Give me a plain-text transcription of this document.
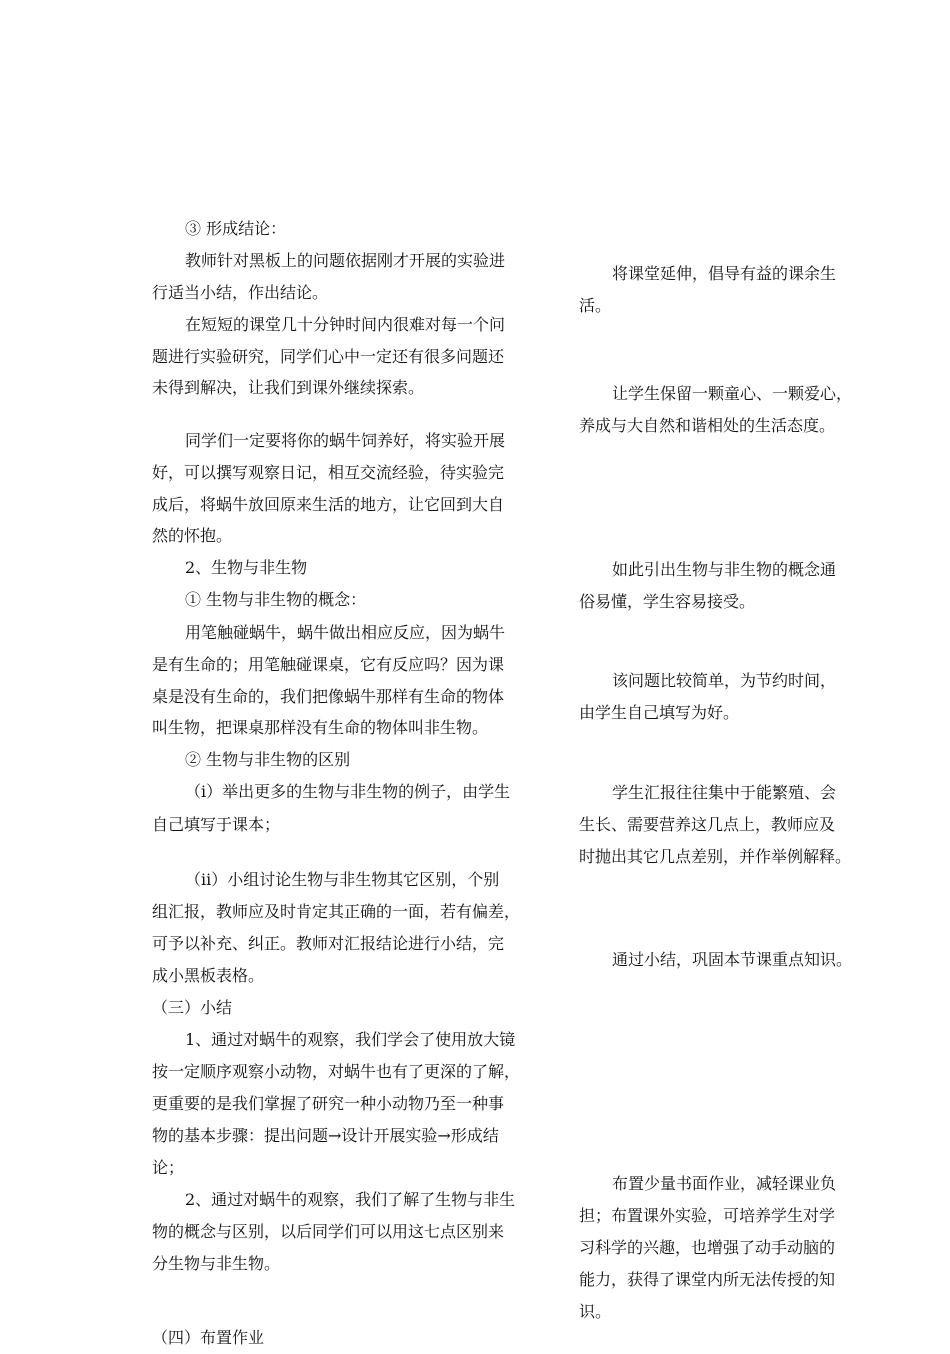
③ 形成结论：

教师针对黑板上的问题依据刚才开展的实验进

行适当小结，作出结论。

在短短的课堂几十分钟时间内很难对每一个问

题进行实验研究，同学们心中一定还有很多问题还

未得到解决，让我们到课外继续探索。

同学们一定要将你的蜗牛饲养好，将实验开展

好，可以撰写观察日记，相互交流经验，待实验完

成后，将蜗牛放回原来生活的地方，让它回到大自

然的怀抱。

2、生物与非生物

① 生物与非生物的概念：

用笔触碰蜗牛，蜗牛做出相应反应，因为蜗牛

是有生命的；用笔触碰课桌，它有反应吗？因为课

桌是没有生命的，我们把像蜗牛那样有生命的物体

叫生物，把课桌那样没有生命的物体叫非生物。

② 生物与非生物的区别

（ⅰ）举出更多的生物与非生物的例子，由学生

自己填写于课本；

（ⅱ）小组讨论生物与非生物其它区别，个别

组汇报，教师应及时肯定其正确的一面，若有偏差，

可予以补充、纠正。教师对汇报结论进行小结，完

成小黑板表格。

（三）小结

1、通过对蜗牛的观察，我们学会了使用放大镜

按一定顺序观察小动物，对蜗牛也有了更深的了解，

更重要的是我们掌握了研究一种小动物乃至一种事

物的基本步骤：提出问题→设计开展实验→形成结

论；

2、通过对蜗牛的观察，我们了解了生物与非生

物的概念与区别，以后同学们可以用这七点区别来

分生物与非生物。

（四）布置作业

将课堂延伸，倡导有益的课余生

活。

让学生保留一颗童心、一颗爱心，

养成与大自然和谐相处的生活态度。

如此引出生物与非生物的概念通

俗易懂，学生容易接受。

该问题比较简单，为节约时间，

由学生自己填写为好。

学生汇报往往集中于能繁殖、会

生长、需要营养这几点上，教师应及

时抛出其它几点差别，并作举例解释。

通过小结，巩固本节课重点知识。

布置少量书面作业，减轻课业负

担；布置课外实验，可培养学生对学

习科学的兴趣，也增强了动手动脑的

能力，获得了课堂内所无法传授的知

识。
